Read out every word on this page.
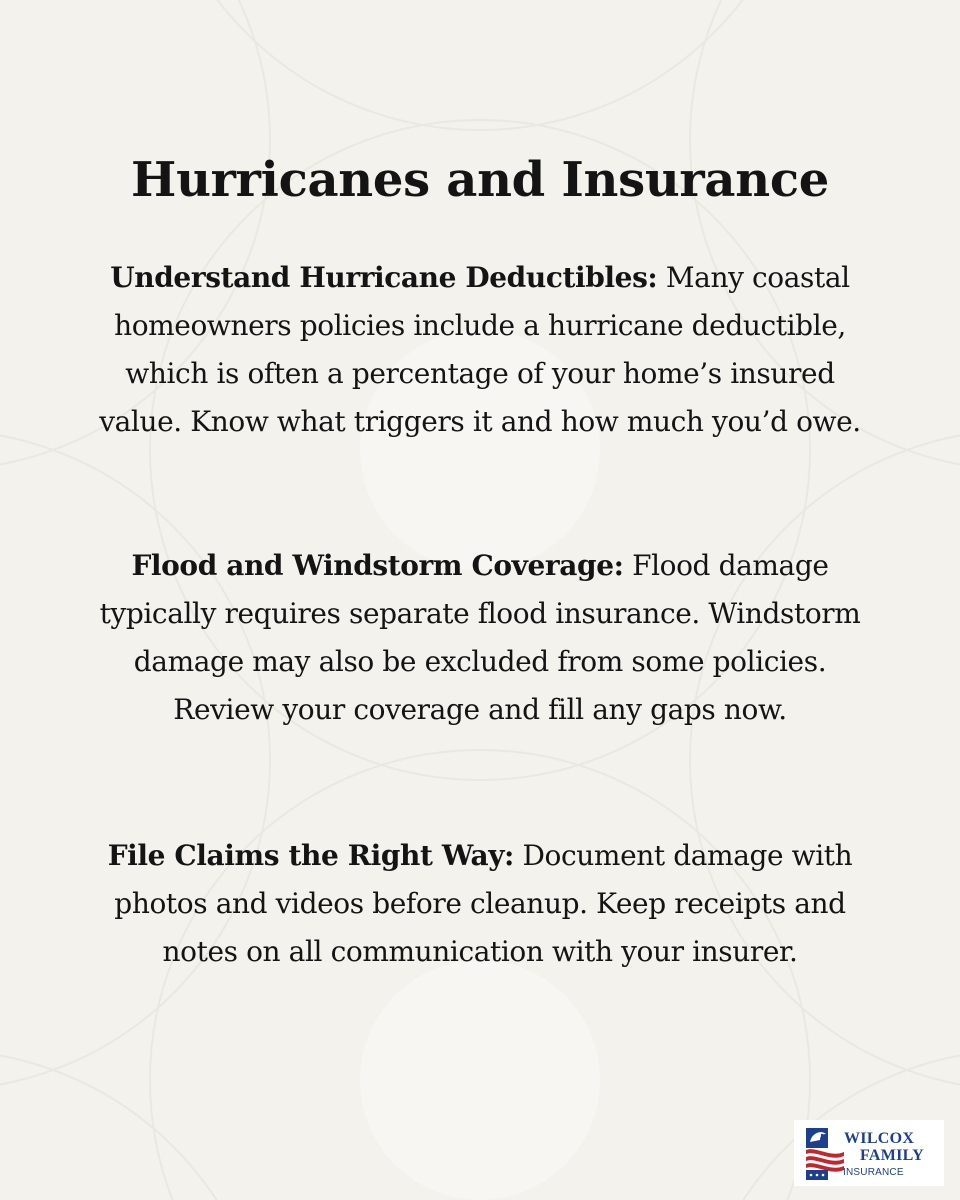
Hurricanes and Insurance

Understand Hurricane Deductibles: Many coastal homeowners policies include a hurricane deductible, which is often a percentage of your home’s insured value. Know what triggers it and how much you’d owe.

Flood and Windstorm Coverage: Flood damage typically requires separate flood insurance. Windstorm damage may also be excluded from some policies. Review your coverage and fill any gaps now.

File Claims the Right Way: Document damage with photos and videos before cleanup. Keep receipts and notes on all communication with your insurer.

WILCOX
FAMILY
INSURANCE
